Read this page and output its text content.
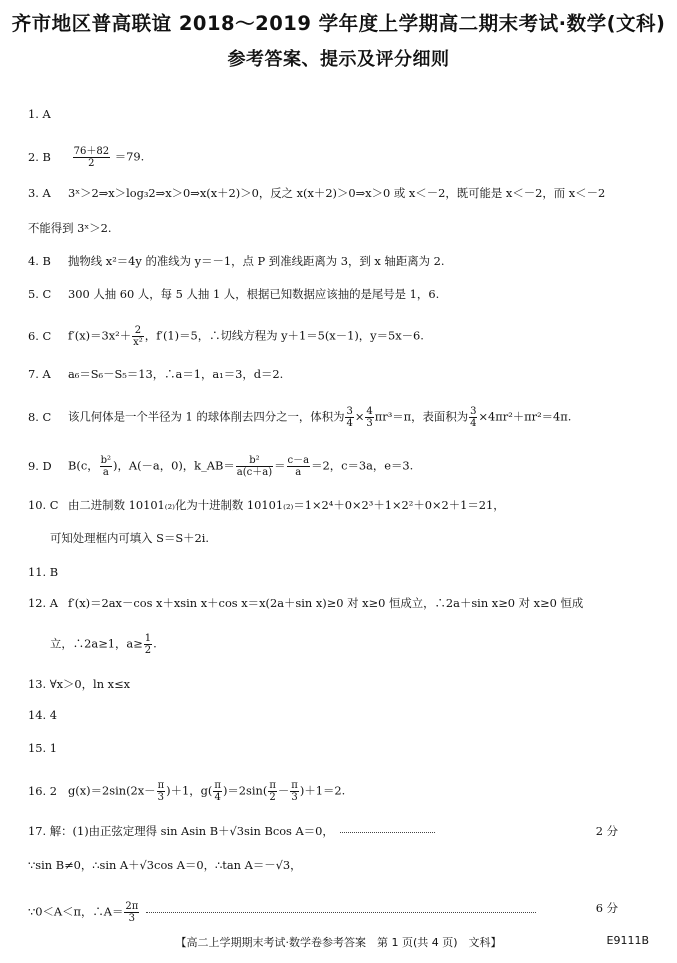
齐市地区普高联谊 2018～2019 学年度上学期高二期末考试·数学(文科)
参考答案、提示及评分细则
1. A
2. B $\frac{76+82}{2} =79$.
3. A 3ˣ＞2⇒x＞log₃2⇒x＞0⇒x(x＋2)＞0，反之 x(x＋2)＞0⇒x＞0 或 x＜－2，既可能是 x＜－2，而 x＜－2
不能得到 3ˣ＞2.
4. B 抛物线 x²＝4y 的准线为 y＝－1，点 P 到准线距离为 3，到 x 轴距离为 2.
5. C 300 人抽 60 人，每 5 人抽 1 人，根据已知数据应该抽的是尾号是 1，6.
6. C $f'(x)=3x^2+ \frac{2}{\text{x²}}$ ，f′(1)＝5，∴切线方程为 y＋1＝5(x－1)，y＝5x－6.
7. A a₆＝S₆－S₅＝13，∴a＝1，a₁＝3，d＝2.
8. C 该几何体是一个半径为 1 的球体削去四分之一，体积为 $\frac{3}{4} \times \frac{4}{3} \pi r^3=\pi$，表面积为 $\frac{3}{4} \times 4\pi r^2+\pi r^2=4\pi$.
9. D B(c， $\frac{\text{b²}}{a}$ )，A(－a，0)，k_AB＝ $\frac{\text{b²}}{a(c+a)} = \frac{c-a}{a} =2$，c＝3a，e＝3.
10. C 由二进制数 10101₍₂₎化为十进制数 10101₍₂₎＝1×2⁴＋0×2³＋1×2²＋0×2＋1＝21，
可知处理框内可填入 S＝S＋2i.
11. B
12. A f′(x)＝2ax－cos x＋xsin x＋cos x＝x(2a＋sin x)≥0 对 x≥0 恒成立，∴2a＋sin x≥0 对 x≥0 恒成
立，∴2a≥1，$a\ge \frac{1}{2}$ .
13. ∀x＞0，ln x≤x
14. 4
15. 1
16. 2 $g(x)=2\sin(2x- \frac{\pi}{3} )+1$，$g( \frac{\pi}{4} )=2\sin( \frac{\pi}{2} - \frac{\pi}{3} )+1=2$.
17. 解：(1)由正弦定理得 sin Asin B＋√3sin Bcos A＝0，	2 分
∵sin B≠0，∴sin A＋√3cos A＝0，∴tan A＝－√3，
∵0＜A＜π，∴A＝ $\frac{2\pi}{3}$	6 分
【高二上学期期末考试·数学卷参考答案　第 1 页(共 4 页)　文科】	E9111B
